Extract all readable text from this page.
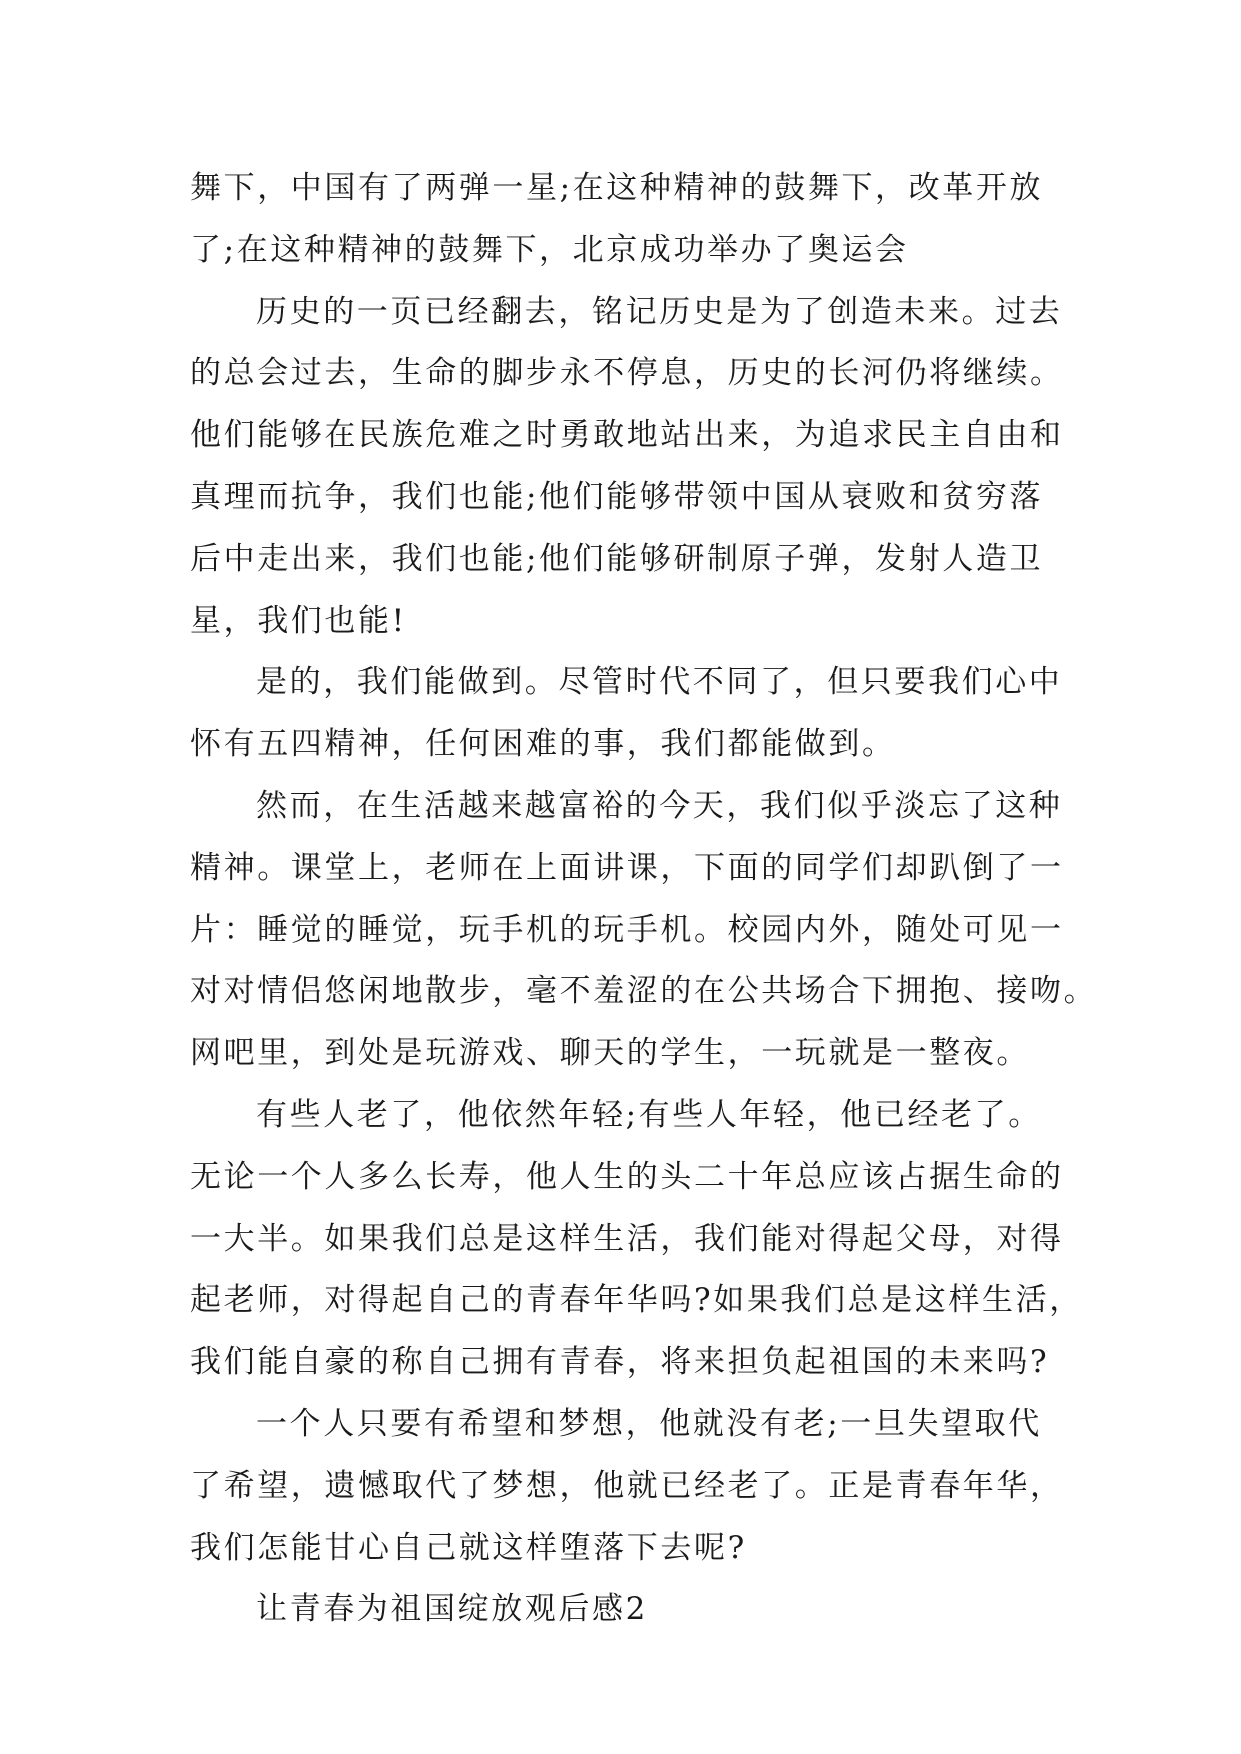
舞下，中国有了两弹一星;在这种精神的鼓舞下，改革开放
了;在这种精神的鼓舞下，北京成功举办了奥运会
历史的一页已经翻去，铭记历史是为了创造未来。过去
的总会过去，生命的脚步永不停息，历史的长河仍将继续。
他们能够在民族危难之时勇敢地站出来，为追求民主自由和
真理而抗争，我们也能;他们能够带领中国从衰败和贫穷落
后中走出来，我们也能;他们能够研制原子弹，发射人造卫
星，我们也能!
是的，我们能做到。尽管时代不同了，但只要我们心中
怀有五四精神，任何困难的事，我们都能做到。
然而，在生活越来越富裕的今天，我们似乎淡忘了这种
精神。课堂上，老师在上面讲课，下面的同学们却趴倒了一
片：睡觉的睡觉，玩手机的玩手机。校园内外，随处可见一
对对情侣悠闲地散步，毫不羞涩的在公共场合下拥抱、接吻。
网吧里，到处是玩游戏、聊天的学生，一玩就是一整夜。
有些人老了，他依然年轻;有些人年轻，他已经老了。
无论一个人多么长寿，他人生的头二十年总应该占据生命的
一大半。如果我们总是这样生活，我们能对得起父母，对得
起老师，对得起自己的青春年华吗?如果我们总是这样生活，
我们能自豪的称自己拥有青春，将来担负起祖国的未来吗?
一个人只要有希望和梦想，他就没有老;一旦失望取代
了希望，遗憾取代了梦想，他就已经老了。正是青春年华，
我们怎能甘心自己就这样堕落下去呢?
让青春为祖国绽放观后感2
